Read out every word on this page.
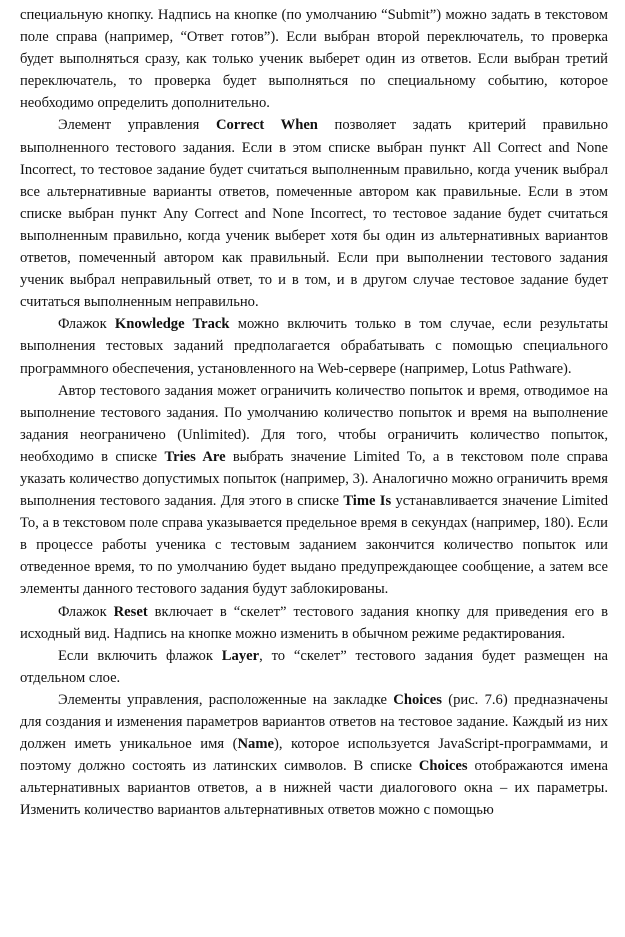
специальную кнопку. Надпись на кнопке (по умолчанию “Submit”) можно задать в текстовом поле справа (например, “Ответ готов”). Если выбран второй переключатель, то проверка будет выполняться сразу, как только ученик выберет один из ответов. Если выбран третий переключатель, то проверка будет выполняться по специальному событию, которое необходимо определить дополнительно.

Элемент управления Correct When позволяет задать критерий правильно выполненного тестового задания. Если в этом списке выбран пункт All Correct and None Incorrect, то тестовое задание будет считаться выполненным правильно, когда ученик выбрал все альтернативные варианты ответов, помеченные автором как правильные. Если в этом списке выбран пункт Any Correct and None Incorrect, то тестовое задание будет считаться выполненным правильно, когда ученик выберет хотя бы один из альтернативных вариантов ответов, помеченный автором как правильный. Если при выполнении тестового задания ученик выбрал неправильный ответ, то и в том, и в другом случае тестовое задание будет считаться выполненным неправильно.

Флажок Knowledge Track можно включить только в том случае, если результаты выполнения тестовых заданий предполагается обрабатывать с помощью специального программного обеспечения, установленного на Web-сервере (например, Lotus Pathware).

Автор тестового задания может ограничить количество попыток и время, отводимое на выполнение тестового задания. По умолчанию количество попыток и время на выполнение задания неограничено (Unlimited). Для того, чтобы ограничить количество попыток, необходимо в списке Tries Are выбрать значение Limited To, а в текстовом поле справа указать количество допустимых попыток (например, 3). Аналогично можно ограничить время выполнения тестового задания. Для этого в списке Time Is устанавливается значение Limited To, а в текстовом поле справа указывается предельное время в секундах (например, 180). Если в процессе работы ученика с тестовым заданием закончится количество попыток или отведенное время, то по умолчанию будет выдано предупреждающее сообщение, а затем все элементы данного тестового задания будут заблокированы.

Флажок Reset включает в “скелет” тестового задания кнопку для приведения его в исходный вид. Надпись на кнопке можно изменить в обычном режиме редактирования.

Если включить флажок Layer, то “скелет” тестового задания будет размещен на отдельном слое.

Элементы управления, расположенные на закладке Choices (рис. 7.6) предназначены для создания и изменения параметров вариантов ответов на тестовое задание. Каждый из них должен иметь уникальное имя (Name), которое используется JavaScript-программами, и поэтому должно состоять из латинских символов. В списке Choices отображаются имена альтернативных вариантов ответов, а в нижней части диалогового окна – их параметры. Изменить количество вариантов альтернативных ответов можно с помощью
